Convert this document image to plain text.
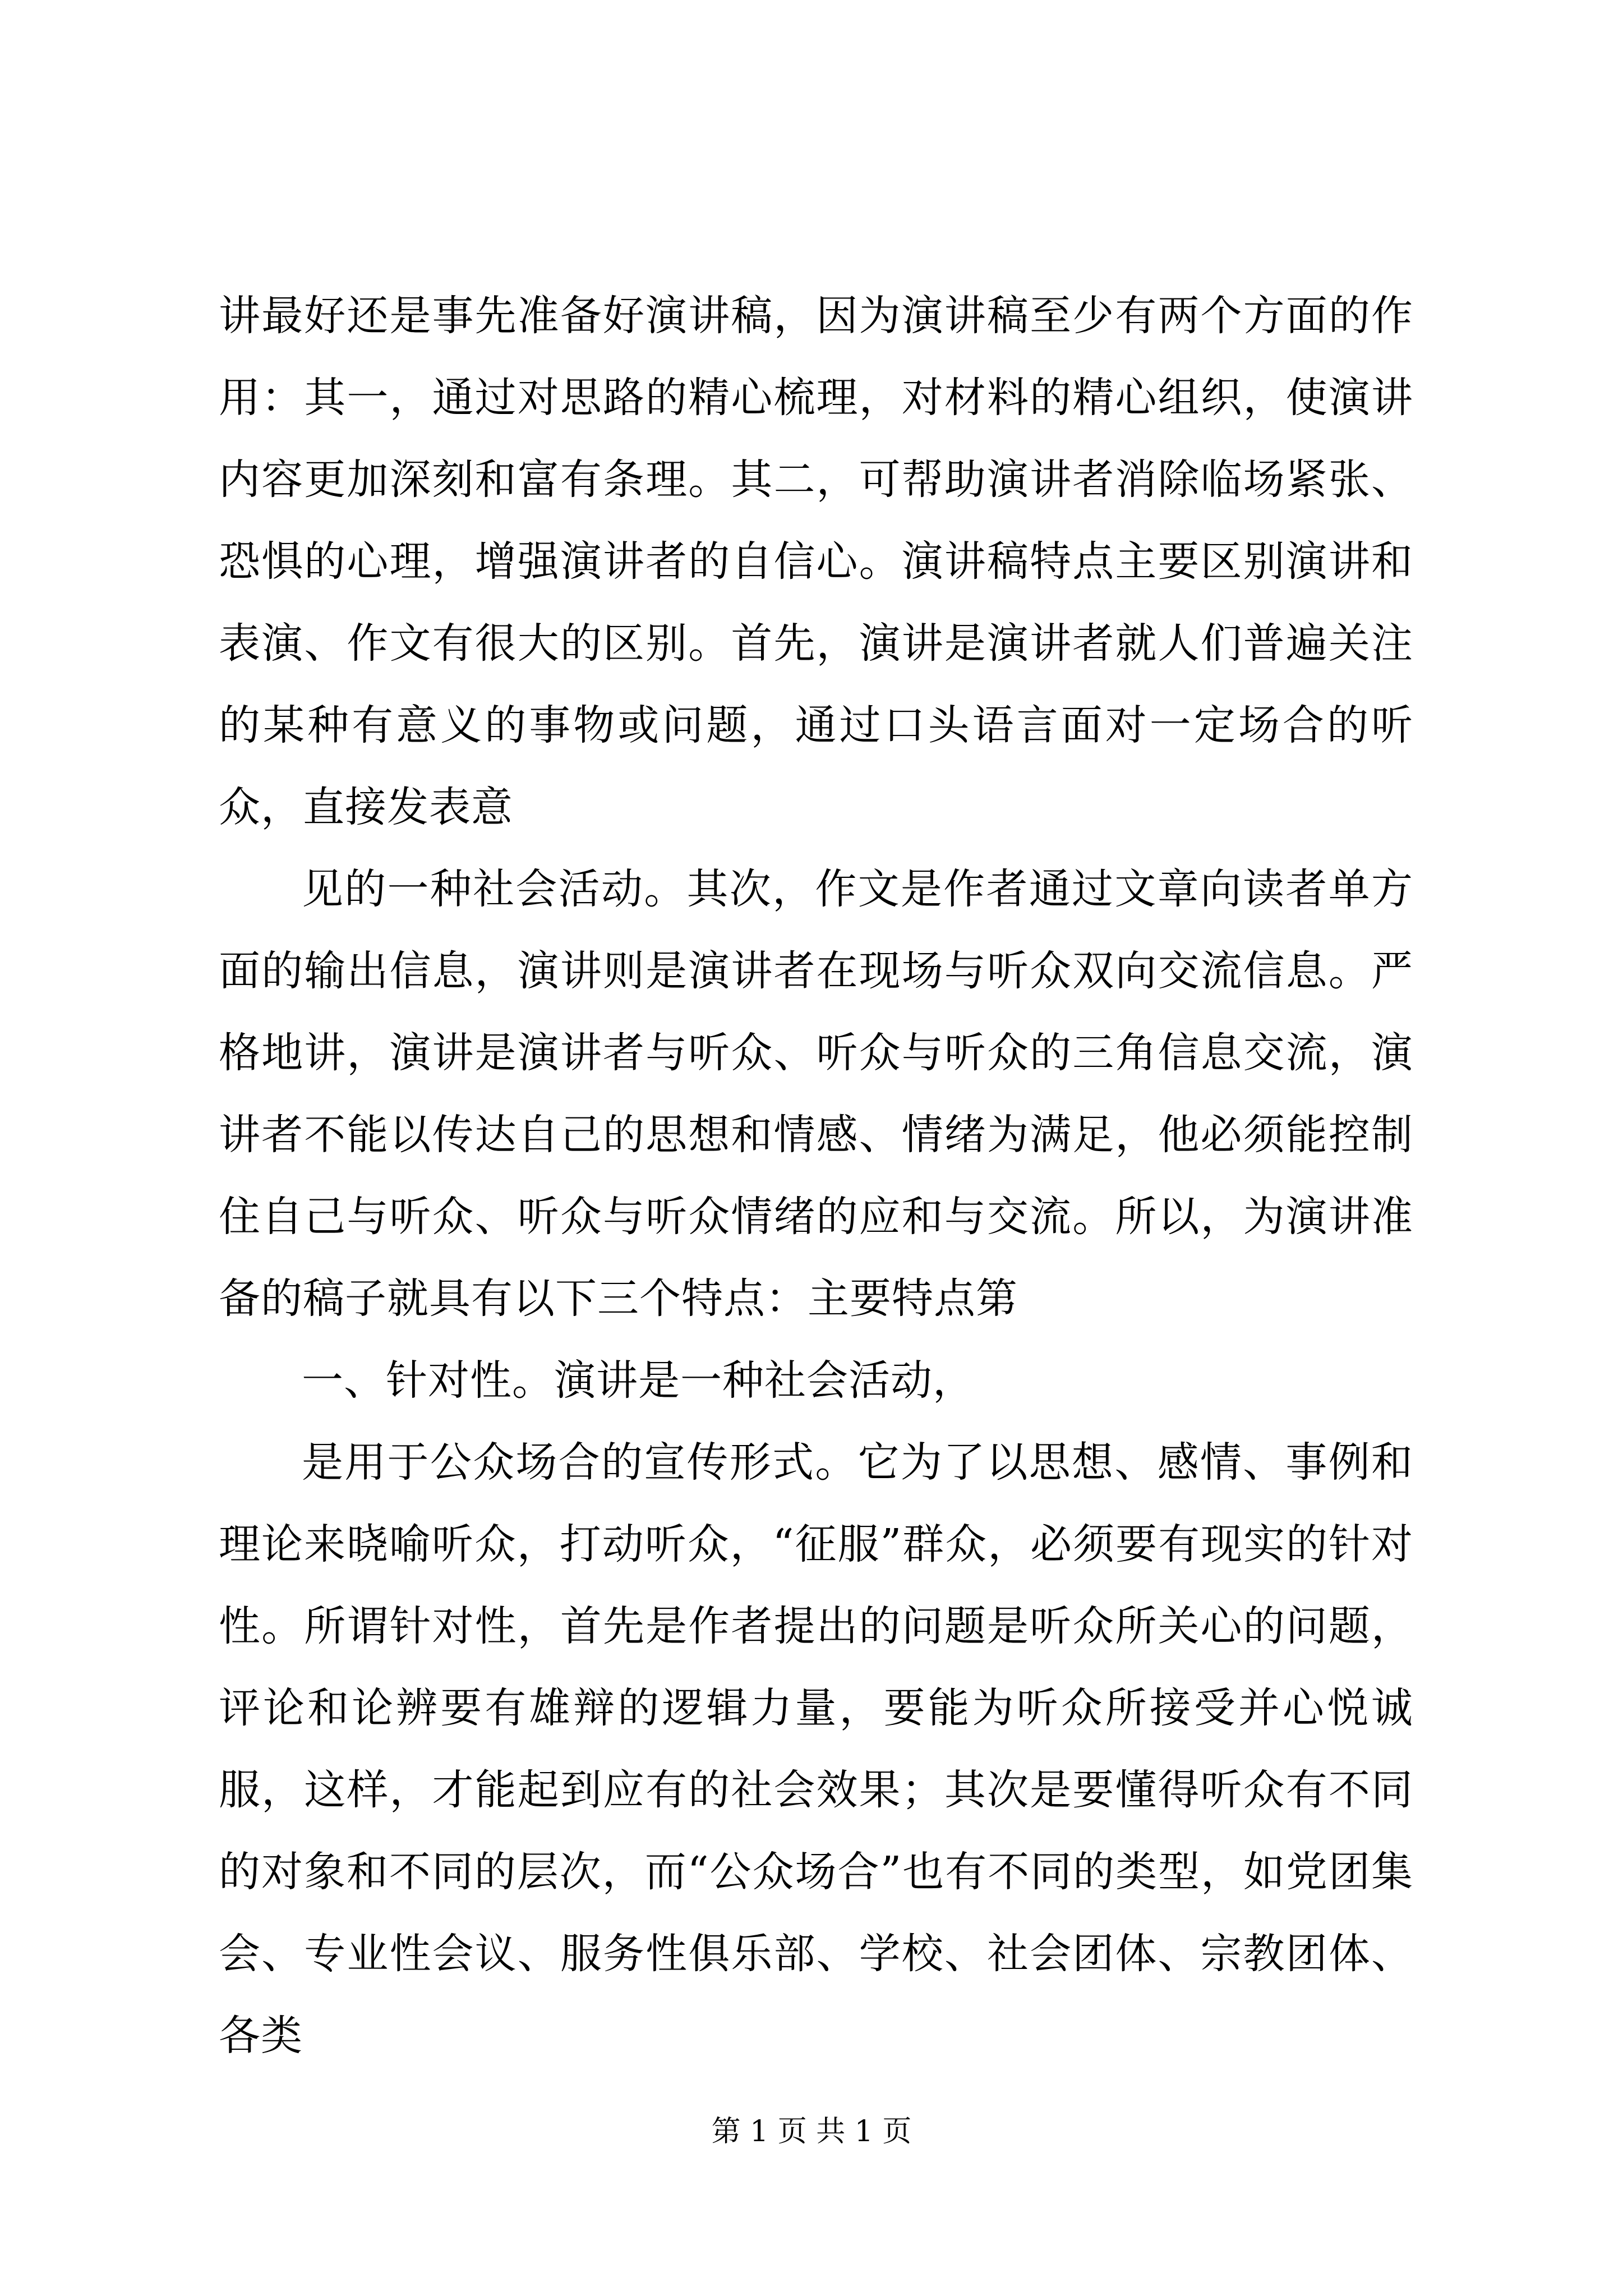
讲最好还是事先准备好演讲稿，因为演讲稿至少有两个方面的作用：其一，通过对思路的精心梳理，对材料的精心组织，使演讲内容更加深刻和富有条理。其二，可帮助演讲者消除临场紧张、恐惧的心理，增强演讲者的自信心。演讲稿特点主要区别演讲和表演、作文有很大的区别。首先，演讲是演讲者就人们普遍关注的某种有意义的事物或问题，通过口头语言面对一定场合的听众，直接发表意

见的一种社会活动。其次，作文是作者通过文章向读者单方面的输出信息，演讲则是演讲者在现场与听众双向交流信息。严格地讲，演讲是演讲者与听众、听众与听众的三角信息交流，演讲者不能以传达自己的思想和情感、情绪为满足，他必须能控制住自己与听众、听众与听众情绪的应和与交流。所以，为演讲准备的稿子就具有以下三个特点：主要特点第

一、针对性。演讲是一种社会活动，

是用于公众场合的宣传形式。它为了以思想、感情、事例和理论来晓喻听众，打动听众，“征服”群众，必须要有现实的针对性。所谓针对性，首先是作者提出的问题是听众所关心的问题，评论和论辨要有雄辩的逻辑力量，要能为听众所接受并心悦诚服，这样，才能起到应有的社会效果；其次是要懂得听众有不同的对象和不同的层次，而“公众场合”也有不同的类型，如党团集会、专业性会议、服务性俱乐部、学校、社会团体、宗教团体、各类

第 1 页 共 1 页
